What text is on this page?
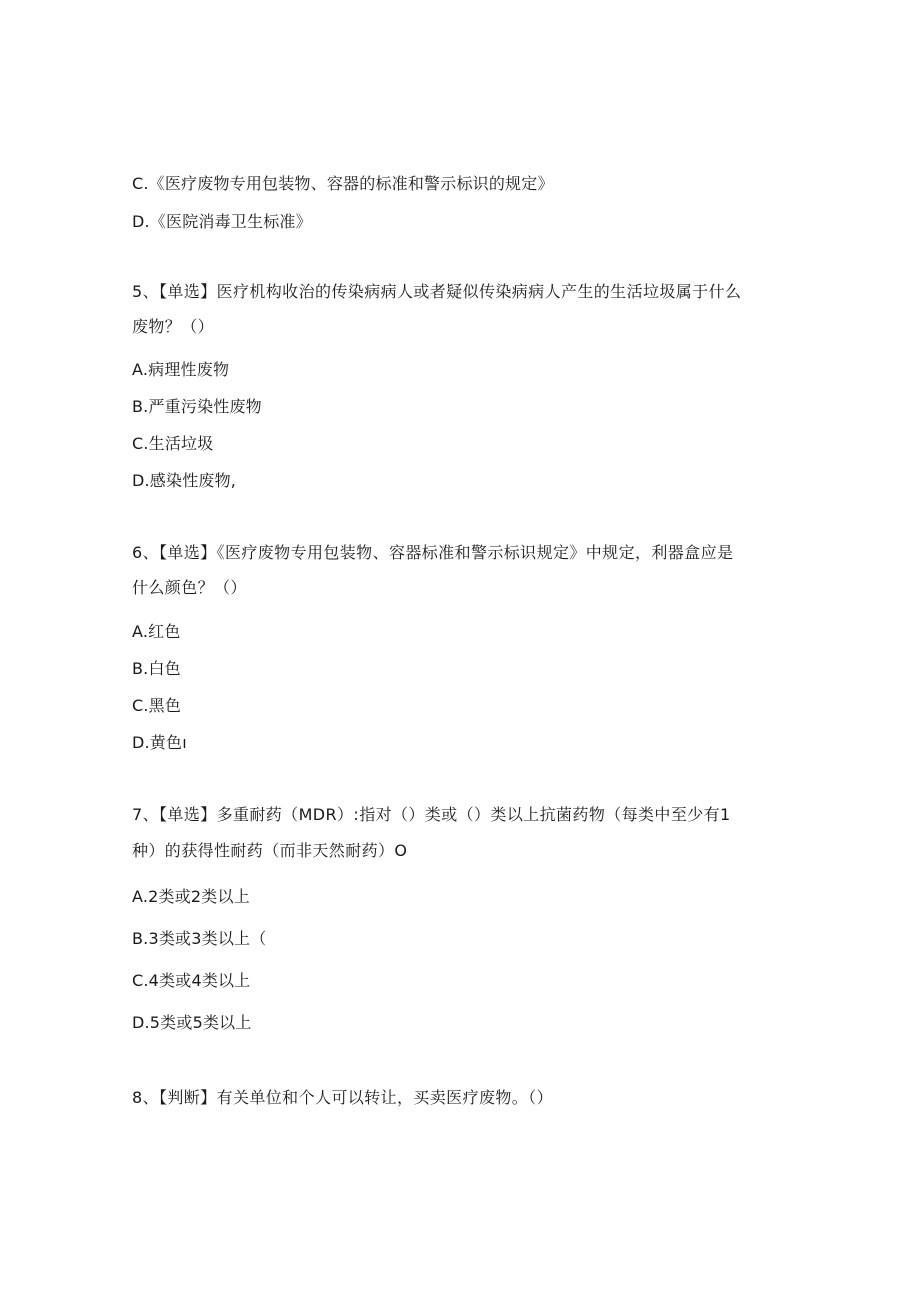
C.《医疗废物专用包装物、容器的标准和警示标识的规定》
D.《医院消毒卫生标准》
5、【单选】医疗机构收治的传染病病人或者疑似传染病病人产生的生活垃圾属于什么
废物？（）
A.病理性废物
B.严重污染性废物
C.生活垃圾
D.感染性废物,
6、【单选】《医疗废物专用包装物、容器标准和警示标识规定》中规定，利器盒应是
什么颜色？（）
A.红色
B.白色
C.黑色
D.黄色ı
7、【单选】多重耐药（MDR）:指对（）类或（）类以上抗菌药物（每类中至少有1
种）的获得性耐药（而非天然耐药）O
A.2类或2类以上
B.3类或3类以上（
C.4类或4类以上
D.5类或5类以上
8、【判断】有关单位和个人可以转让，买卖医疗废物。（）
